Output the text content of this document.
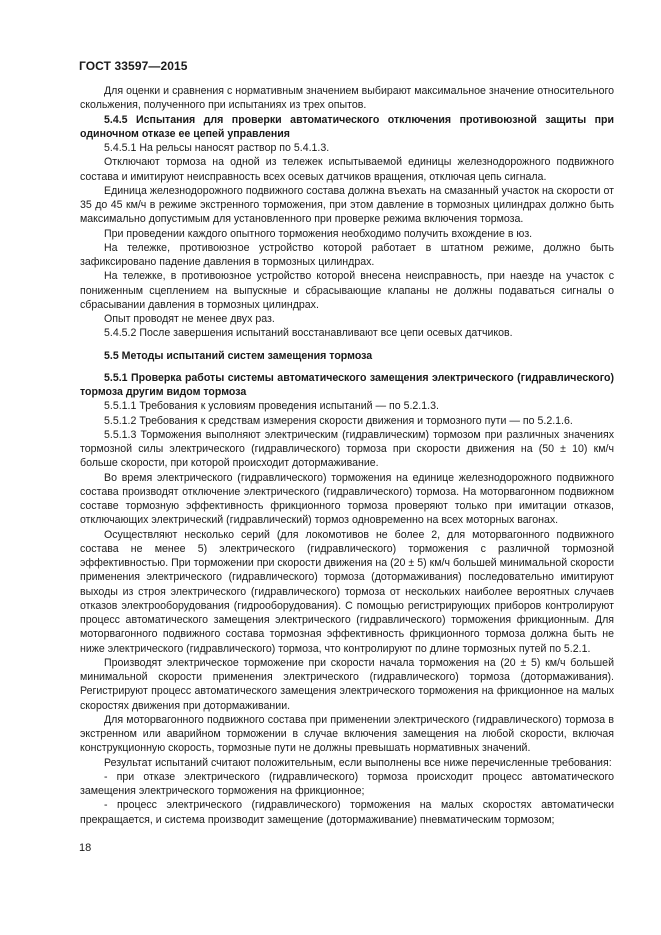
ГОСТ 33597—2015

Для оценки и сравнения с нормативным значением выбирают максимальное значение относительного скольжения, полученного при испытаниях из трех опытов.

5.4.5 Испытания для проверки автоматического отключения противоюзной защиты при одиночном отказе ее цепей управления

5.4.5.1 На рельсы наносят раствор по 5.4.1.3.

Отключают тормоза на одной из тележек испытываемой единицы железнодорожного подвижного состава и имитируют неисправность всех осевых датчиков вращения, отключая цепь сигнала.

Единица железнодорожного подвижного состава должна въехать на смазанный участок на скорости от 35 до 45 км/ч в режиме экстренного торможения, при этом давление в тормозных цилиндрах должно быть максимально допустимым для установленного при проверке режима включения тормоза.

При проведении каждого опытного торможения необходимо получить вхождение в юз.

На тележке, противоюзное устройство которой работает в штатном режиме, должно быть зафиксировано падение давления в тормозных цилиндрах.

На тележке, в противоюзное устройство которой внесена неисправность, при наезде на участок с пониженным сцеплением на выпускные и сбрасывающие клапаны не должны подаваться сигналы о сбрасывании давления в тормозных цилиндрах.

Опыт проводят не менее двух раз.

5.4.5.2 После завершения испытаний восстанавливают все цепи осевых датчиков.

5.5 Методы испытаний систем замещения тормоза

5.5.1 Проверка работы системы автоматического замещения электрического (гидравлического) тормоза другим видом тормоза

5.5.1.1 Требования к условиям проведения испытаний — по 5.2.1.3.

5.5.1.2 Требования к средствам измерения скорости движения и тормозного пути — по 5.2.1.6.

5.5.1.3 Торможения выполняют электрическим (гидравлическим) тормозом при различных значениях тормозной силы электрического (гидравлического) тормоза при скорости движения на (50 ± 10) км/ч больше скорости, при которой происходит дотормаживание.

Во время электрического (гидравлического) торможения на единице железнодорожного подвижного состава производят отключение электрического (гидравлического) тормоза. На моторвагонном подвижном составе тормозную эффективность фрикционного тормоза проверяют только при имитации отказов, отключающих электрический (гидравлический) тормоз одновременно на всех моторных вагонах.

Осуществляют несколько серий (для локомотивов не более 2, для моторвагонного подвижного состава не менее 5) электрического (гидравлического) торможения с различной тормозной эффективностью. При торможении при скорости движения на (20 ± 5) км/ч большей минимальной скорости применения электрического (гидравлического) тормоза (дотормаживания) последовательно имитируют выходы из строя электрического (гидравлического) тормоза от нескольких наиболее вероятных случаев отказов электрооборудования (гидрооборудования). С помощью регистрирующих приборов контролируют процесс автоматического замещения электрического (гидравлического) торможения фрикционным. Для моторвагонного подвижного состава тормозная эффективность фрикционного тормоза должна быть не ниже электрического (гидравлического) тормоза, что контролируют по длине тормозных путей по 5.2.1.

Производят электрическое торможение при скорости начала торможения на (20 ± 5) км/ч большей минимальной скорости применения электрического (гидравлического) тормоза (дотормаживания). Регистрируют процесс автоматического замещения электрического торможения на фрикционное на малых скоростях движения при дотормаживании.

Для моторвагонного подвижного состава при применении электрического (гидравлического) тормоза в экстренном или аварийном торможении в случае включения замещения на любой скорости, включая конструкционную скорость, тормозные пути не должны превышать нормативных значений.

Результат испытаний считают положительным, если выполнены все ниже перечисленные требования:

- при отказе электрического (гидравлического) тормоза происходит процесс автоматического замещения электрического торможения на фрикционное;

- процесс электрического (гидравлического) торможения на малых скоростях автоматически прекращается, и система производит замещение (дотормаживание) пневматическим тормозом;

18
